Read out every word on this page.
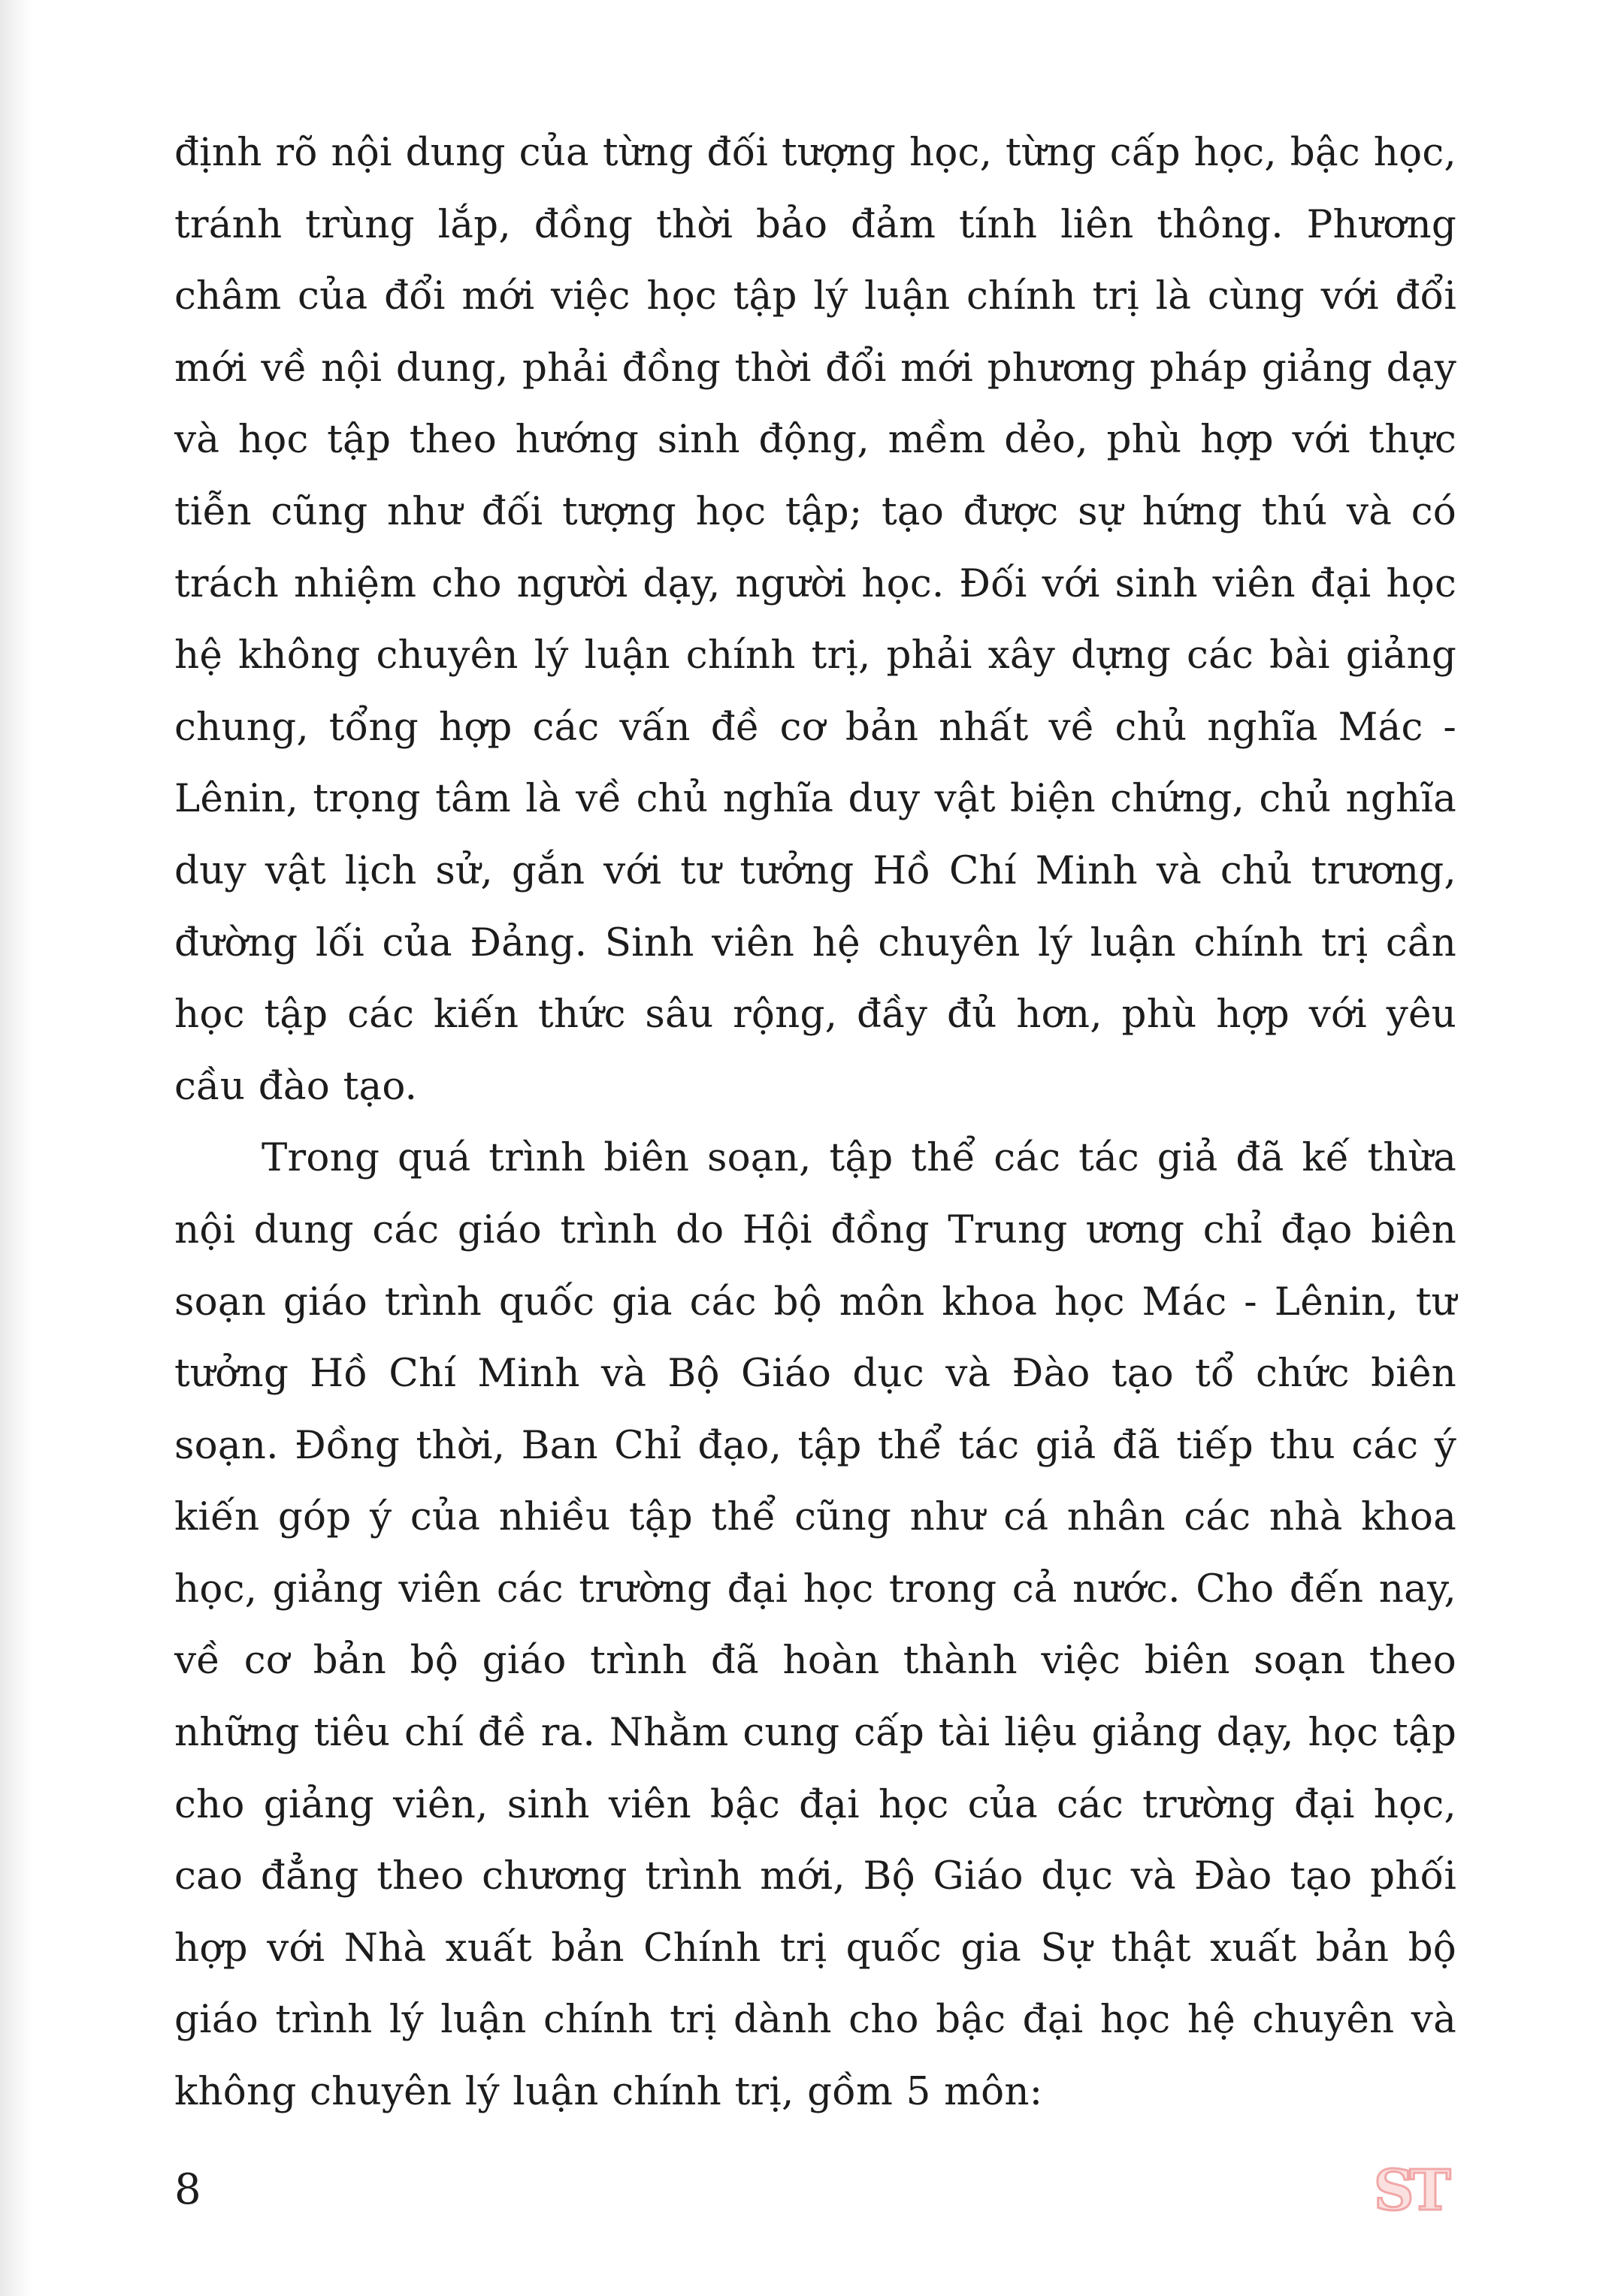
định rõ nội dung của từng đối tượng học, từng cấp học, bậc học, tránh trùng lắp, đồng thời bảo đảm tính liên thông. Phương châm của đổi mới việc học tập lý luận chính trị là cùng với đổi mới về nội dung, phải đồng thời đổi mới phương pháp giảng dạy và học tập theo hướng sinh động, mềm dẻo, phù hợp với thực tiễn cũng như đối tượng học tập; tạo được sự hứng thú và có trách nhiệm cho người dạy, người học. Đối với sinh viên đại học hệ không chuyên lý luận chính trị, phải xây dựng các bài giảng chung, tổng hợp các vấn đề cơ bản nhất về chủ nghĩa Mác - Lênin, trọng tâm là về chủ nghĩa duy vật biện chứng, chủ nghĩa duy vật lịch sử, gắn với tư tưởng Hồ Chí Minh và chủ trương, đường lối của Đảng. Sinh viên hệ chuyên lý luận chính trị cần học tập các kiến thức sâu rộng, đầy đủ hơn, phù hợp với yêu cầu đào tạo.

Trong quá trình biên soạn, tập thể các tác giả đã kế thừa nội dung các giáo trình do Hội đồng Trung ương chỉ đạo biên soạn giáo trình quốc gia các bộ môn khoa học Mác - Lênin, tư tưởng Hồ Chí Minh và Bộ Giáo dục và Đào tạo tổ chức biên soạn. Đồng thời, Ban Chỉ đạo, tập thể tác giả đã tiếp thu các ý kiến góp ý của nhiều tập thể cũng như cá nhân các nhà khoa học, giảng viên các trường đại học trong cả nước. Cho đến nay, về cơ bản bộ giáo trình đã hoàn thành việc biên soạn theo những tiêu chí đề ra. Nhằm cung cấp tài liệu giảng dạy, học tập cho giảng viên, sinh viên bậc đại học của các trường đại học, cao đẳng theo chương trình mới, Bộ Giáo dục và Đào tạo phối hợp với Nhà xuất bản Chính trị quốc gia Sự thật xuất bản bộ giáo trình lý luận chính trị dành cho bậc đại học hệ chuyên và không chuyên lý luận chính trị, gồm 5 môn:

8	ST
